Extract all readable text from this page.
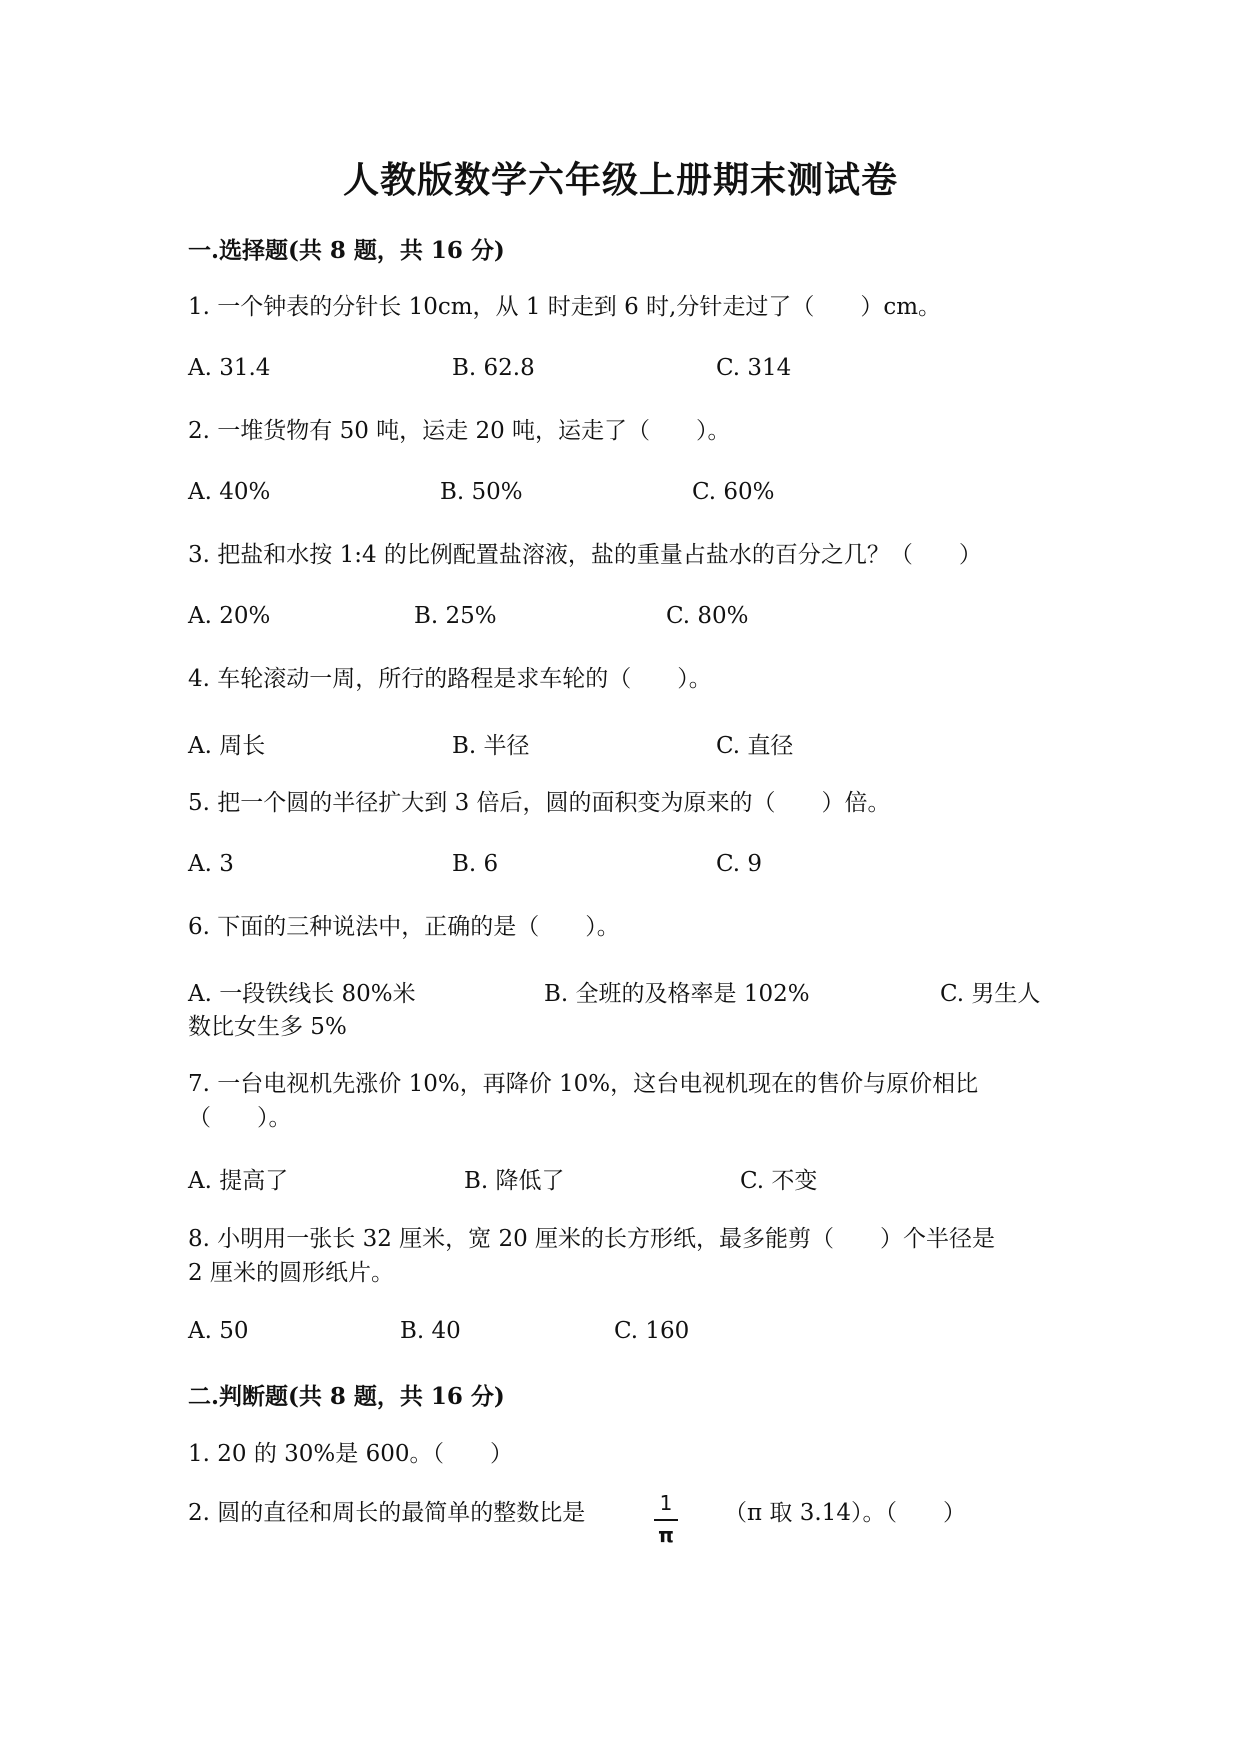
人教版数学六年级上册期末测试卷
一.选择题(共 8 题，共 16 分)
1. 一个钟表的分针长 10cm，从 1 时走到 6 时,分针走过了（　　）cm。
A. 31.4	B. 62.8	C. 314
2. 一堆货物有 50 吨，运走 20 吨，运走了（　　）。
A. 40%	B. 50%	C. 60%
3. 把盐和水按 1:4 的比例配置盐溶液，盐的重量占盐水的百分之几？（　　）
A. 20%	B. 25%	C. 80%
4. 车轮滚动一周，所行的路程是求车轮的（　　）。
A. 周长	B. 半径	C. 直径
5. 把一个圆的半径扩大到 3 倍后，圆的面积变为原来的（　　）倍。
A. 3	B. 6	C. 9
6. 下面的三种说法中，正确的是（　　）。
A. 一段铁线长 80%米	B. 全班的及格率是 102%	C. 男生人
数比女生多 5%
7. 一台电视机先涨价 10%，再降价 10%，这台电视机现在的售价与原价相比
（　　）。
A. 提高了	B. 降低了	C. 不变
8. 小明用一张长 32 厘米，宽 20 厘米的长方形纸，最多能剪（　　）个半径是
2 厘米的圆形纸片。
A. 50	B. 40	C. 160
二.判断题(共 8 题，共 16 分)
1. 20 的 30%是 600。（　　）
2. 圆的直径和周长的最简单的整数比是	1
π
（π 取 3.14）。（　　）
